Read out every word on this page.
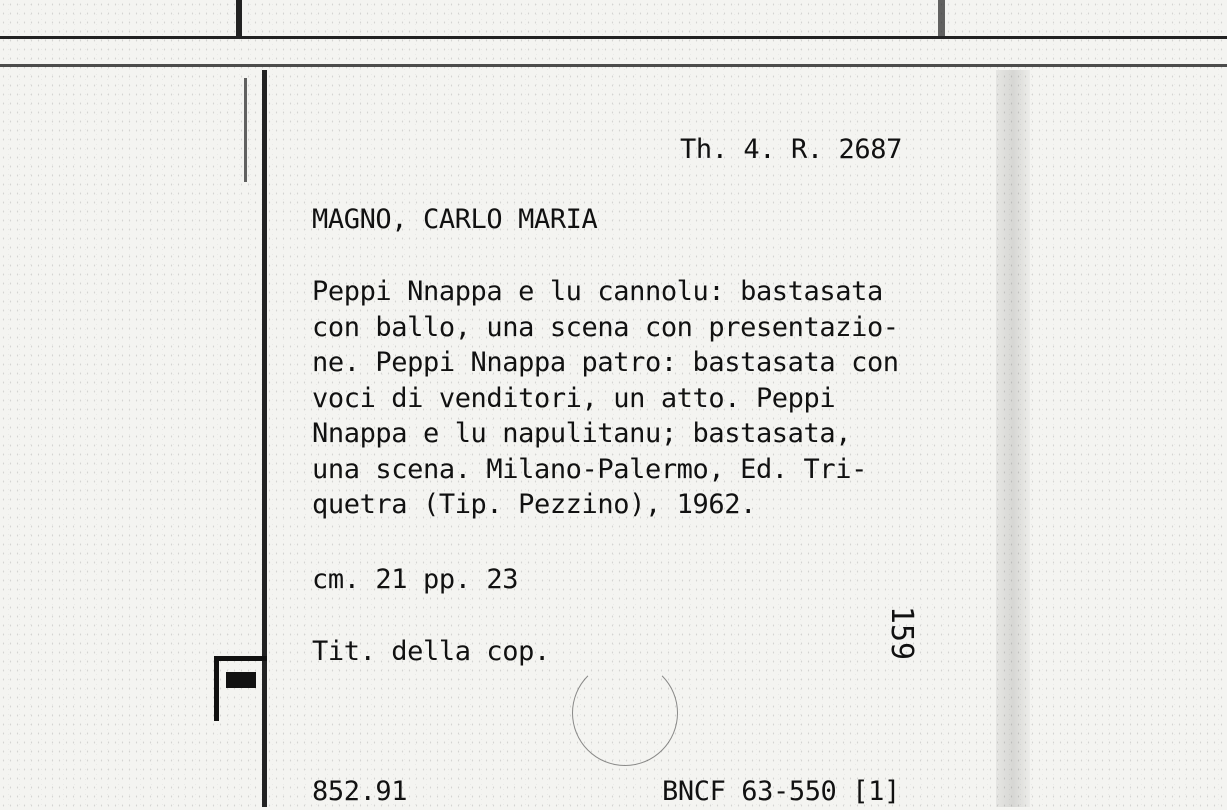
Th. 4. R. 2687
MAGNO, CARLO MARIA
Peppi Nnappa e lu cannolu: bastasata
con ballo, una scena con presentazio-
ne. Peppi Nnappa patro: bastasata con
voci di venditori, un atto. Peppi
Nnappa e lu napulitanu; bastasata,
una scena. Milano-Palermo, Ed. Tri-
quetra (Tip. Pezzino), 1962.
cm. 21 pp. 23
Tit. della cop.	159
852.91	BNCF 63-550 [1]
